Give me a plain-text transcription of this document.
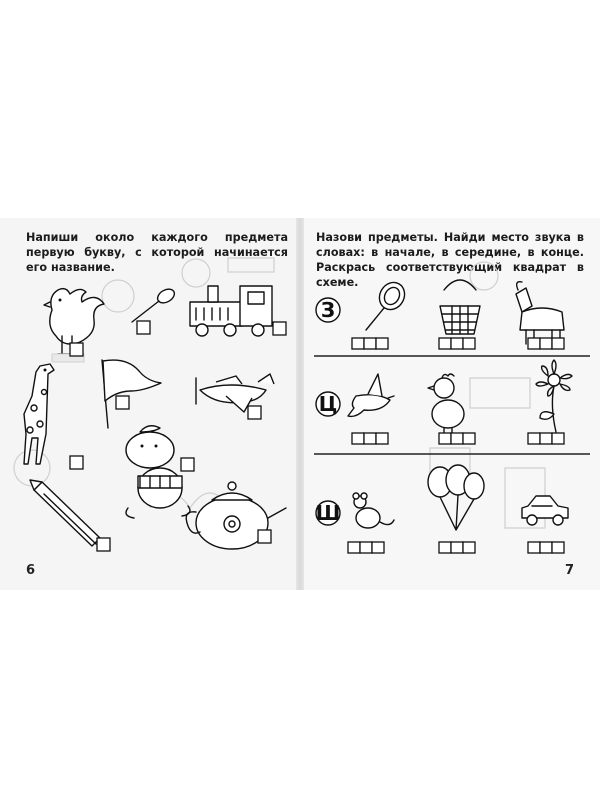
Напиши около каждого предмета первую букву, с которой начинается его название.
6
Назови предметы. Найди место звука в словах: в начале, в середине, в конце. Раскрась соответствующий квадрат в схеме.
7
З
Ц
Ш
